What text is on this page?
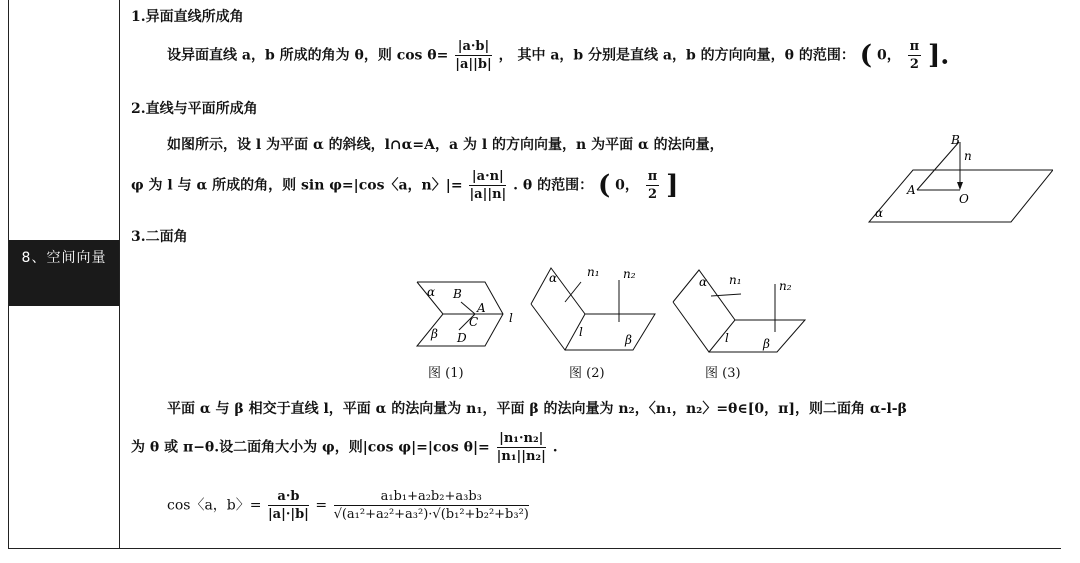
8、空间向量
1.异面直线所成角
设异面直线 a，b 所成的角为 θ，则 $\cos \theta= \frac{|a\cdot b|}{|a||b|}$ ， 其中 a，b 分别是直线 a，b 的方向向量，θ 的范围： ( 0， $\frac{\pi}{2}$ ].
2.直线与平面所成角
如图所示，设 l 为平面 α 的斜线，l∩α=A，a 为 l 的方向向量，n 为平面 α 的法向量，
φ 为 l 与 α 所成的角，则 sin φ=|cos〈a，n〉|= $\frac{|a\cdot n|}{|a||n|}$ . θ 的范围： ( 0， $\frac{\pi}{2}$ ]
B
n
A
O
α
3.二面角
α B
A
C
D
β
l
图 (1)
α n₁ n₂
l
β
图 (2)
α n₁	n₂
l	β
图 (3)
平面 α 与 β 相交于直线 l，平面 α 的法向量为 n₁，平面 β 的法向量为 n₂，〈n₁，n₂〉=θ∈[0，π]，则二面角 α-l-β
为 θ 或 π−θ.设二面角大小为 φ，则|cos φ|=|cos $\theta|= \frac{\text{|n₁·n₂|}}{\text{|n₁||n₂|}}$ .
cos〈a，b〉= $\frac{a\cdot b}{|a|\cdot|b|} = \frac{\text{a₁b₁+a₂b₂+a₃b₃}}{\text{√(a₁²+a₂²+a₃²)·√(b₁²+b₂²+b₃²)}}$
